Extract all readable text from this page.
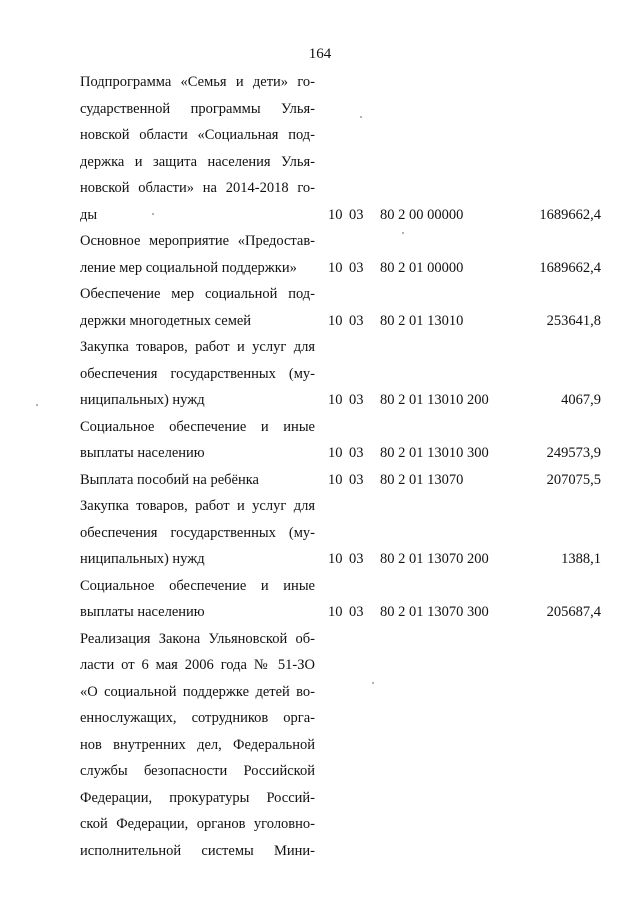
164
Подпрограмма «Семья и дети» го-
сударственной программы Улья-
новской области «Социальная под-
держка и защита населения Улья-
новской области» на 2014-2018 го-
ды	10 03 80 2 00 00000	1689662,4
Основное мероприятие «Предостав-
ление мер социальной поддержки»	10 03 80 2 01 00000	1689662,4
Обеспечение мер социальной под-
держки многодетных семей	10 03 80 2 01 13010	253641,8
Закупка товаров, работ и услуг для
обеспечения государственных (му-
ниципальных) нужд	10 03 80 2 01 13010 200	4067,9
Социальное обеспечение и иные
выплаты населению	10 03 80 2 01 13010 300	249573,9
Выплата пособий на ребёнка	10 03 80 2 01 13070	207075,5
Закупка товаров, работ и услуг для
обеспечения государственных (му-
ниципальных) нужд	10 03 80 2 01 13070 200	1388,1
Социальное обеспечение и иные
выплаты населению	10 03 80 2 01 13070 300	205687,4
Реализация Закона Ульяновской об-
ласти от 6 мая 2006 года № 51-ЗО
«О социальной поддержке детей во-
еннослужащих, сотрудников орга-
нов внутренних дел, Федеральной
службы безопасности Российской
Федерации, прокуратуры Россий-
ской Федерации, органов уголовно-
исполнительной системы Мини-
